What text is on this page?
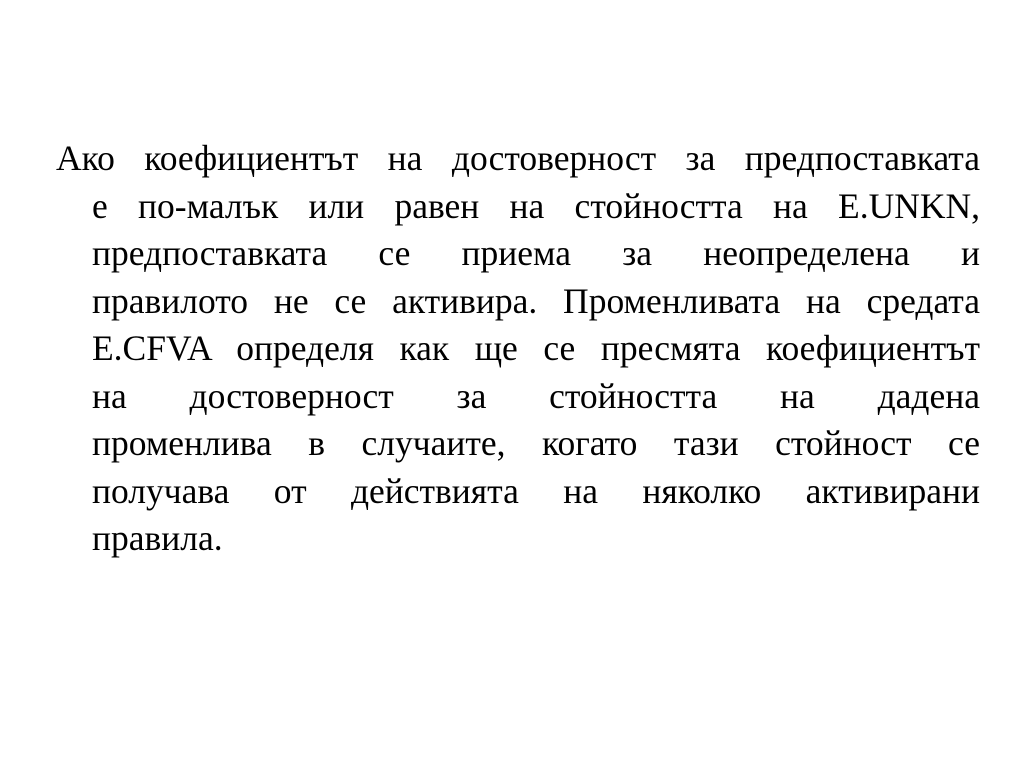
Ако коефициентът на достоверност за предпоставката
е по-малък или равен на стойността на E.UNKN,
предпоставката се приема за неопределена и
правилото не се активира. Променливата на средата
E.CFVA определя как ще се пресмята коефициентът
на достоверност за стойността на дадена
променлива в случаите, когато тази стойност се
получава от действията на няколко активирани
правила.
